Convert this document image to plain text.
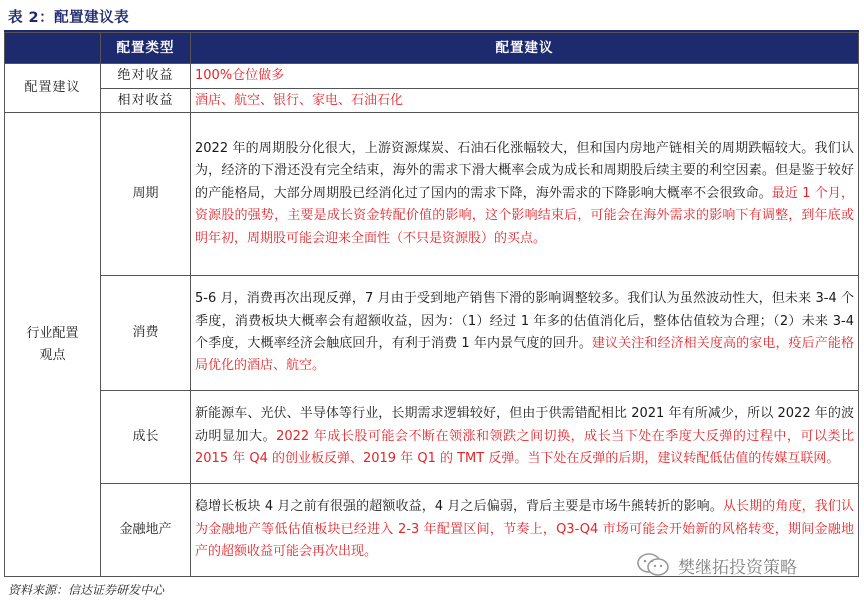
表 2：配置建议表
	配置类型	配置建议
配置建议	绝对收益	100%仓位做多
	相对收益	酒店、航空、银行、家电、石油石化
行业配置观点	周期	2022 年的周期股分化很大，上游资源煤炭、石油石化涨幅较大，但和国内房地产链相关的周期跌幅较大。我们认为，经济的下滑还没有完全结束，海外的需求下滑大概率会成为成长和周期股后续主要的利空因素。但是鉴于较好的产能格局，大部分周期股已经消化过了国内的需求下降，海外需求的下降影响大概率不会很致命。最近 1 个月，资源股的强势，主要是成长资金转配价值的影响，这个影响结束后，可能会在海外需求的影响下有调整，到年底或明年初，周期股可能会迎来全面性（不只是资源股）的买点。
	消费	5-6 月，消费再次出现反弹，7 月由于受到地产销售下滑的影响调整较多。我们认为虽然波动性大，但未来 3-4 个季度，消费板块大概率会有超额收益，因为：（1）经过 1 年多的估值消化后，整体估值较为合理；（2）未来 3-4 个季度，大概率经济会触底回升，有利于消费 1 年内景气度的回升。建议关注和经济相关度高的家电，疫后产能格局优化的酒店、航空。
	成长	新能源车、光伏、半导体等行业，长期需求逻辑较好，但由于供需错配相比 2021 年有所减少，所以 2022 年的波动明显加大。2022 年成长股可能会不断在领涨和领跌之间切换，成长当下处在季度大反弹的过程中，可以类比 2015 年 Q4 的创业板反弹、2019 年 Q1 的 TMT 反弹。当下处在反弹的后期，建议转配低估值的传媒互联网。
	金融地产	稳增长板块 4 月之前有很强的超额收益，4 月之后偏弱，背后主要是市场牛熊转折的影响。从长期的角度，我们认为金融地产等低估值板块已经进入 2-3 年配置区间，节奏上，Q3-Q4 市场可能会开始新的风格转变，期间金融地产的超额收益可能会再次出现。
樊继拓投资策略
资料来源：信达证券研发中心
